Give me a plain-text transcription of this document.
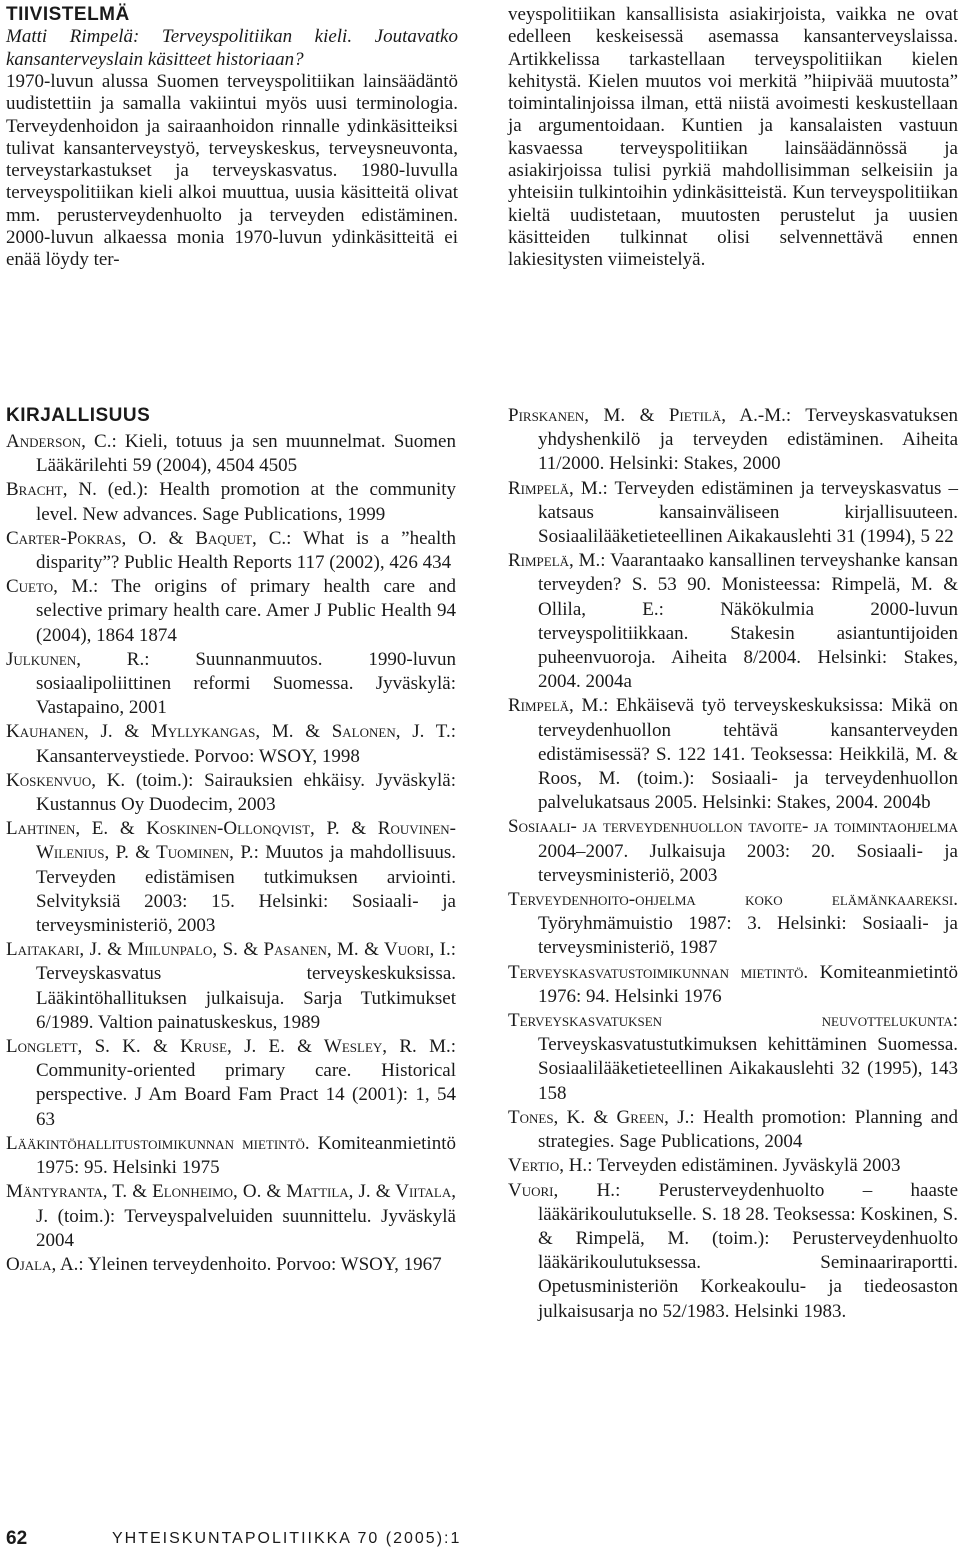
TIIVISTELMÄ

Matti Rimpelä: Terveyspolitiikan kieli. Joutavatko kansanterveyslain käsitteet historiaan?

1970-luvun alussa Suomen terveyspolitiikan lainsäädäntö uudistettiin ja samalla vakiintui myös uusi terminologia. Terveydenhoidon ja sairaanhoidon rinnalle ydinkäsitteiksi tulivat kansanterveystyö, terveyskeskus, terveysneuvonta, terveystarkastukset ja terveyskasvatus. 1980-luvulla terveyspolitiikan kieli alkoi muuttua, uusia käsitteitä olivat mm. perusterveydenhuolto ja terveyden edistäminen. 2000-luvun alkaessa monia 1970-luvun ydinkäsitteitä ei enää löydy ter-

veyspolitiikan kansallisista asiakirjoista, vaikka ne ovat edelleen keskeisessä asemassa kansanterveyslaissa. Artikkelissa tarkastellaan terveyspolitiikan kielen kehitystä. Kielen muutos voi merkitä ”hiipivää muutosta” toimintalinjoissa ilman, että niistä avoimesti keskustellaan ja argumentoidaan. Kuntien ja kansalaisten vastuun kasvaessa terveyspolitiikan lainsäädännössä ja asiakirjoissa tulisi pyrkiä mahdollisimman selkeisiin ja yhteisiin tulkintoihin ydinkäsitteistä. Kun terveyspolitiikan kieltä uudistetaan, muutosten perustelut ja uusien käsitteiden tulkinnat olisi selvennettävä ennen lakiesitysten viimeistelyä.

KIRJALLISUUS

Anderson, C.: Kieli, totuus ja sen muunnelmat. Suomen Lääkärilehti 59 (2004), 4504 4505

Bracht, N. (ed.): Health promotion at the community level. New advances. Sage Publications, 1999

Carter-Pokras, O. & Baquet, C.: What is a ”health disparity”? Public Health Reports 117 (2002), 426 434

Cueto, M.: The origins of primary health care and selective primary health care. Amer J Public Health 94 (2004), 1864 1874

Julkunen, R.: Suunnanmuutos. 1990-luvun sosiaalipoliittinen reformi Suomessa. Jyväskylä: Vastapaino, 2001

Kauhanen, J. & Myllykangas, M. & Salonen, J. T.: Kansanterveystiede. Porvoo: WSOY, 1998

Koskenvuo, K. (toim.): Sairauksien ehkäisy. Jyväskylä: Kustannus Oy Duodecim, 2003

Lahtinen, E. & Koskinen-Ollonqvist, P. & Rouvinen-Wilenius, P. & Tuominen, P.: Muutos ja mahdollisuus. Terveyden edistämisen tutkimuksen arviointi. Selvityksiä 2003: 15. Helsinki: Sosiaali- ja terveysministeriö, 2003

Laitakari, J. & Miilunpalo, S. & Pasanen, M. & Vuori, I.: Terveyskasvatus terveyskeskuksissa. Lääkintöhallituksen julkaisuja. Sarja Tutkimukset 6/1989. Valtion painatuskeskus, 1989

Longlett, S. K. & Kruse, J. E. & Wesley, R. M.: Community-oriented primary care. Historical perspective. J Am Board Fam Pract 14 (2001): 1, 54 63

Lääkintöhallitustoimikunnan mietintö. Komiteanmietintö 1975: 95. Helsinki 1975

Mäntyranta, T. & Elonheimo, O. & Mattila, J. & Viitala, J. (toim.): Terveyspalveluiden suunnittelu. Jyväskylä 2004

Ojala, A.: Yleinen terveydenhoito. Porvoo: WSOY, 1967

Pirskanen, M. & Pietilä, A.-M.: Terveyskasvatuksen yhdyshenkilö ja terveyden edistäminen. Aiheita 11/2000. Helsinki: Stakes, 2000

Rimpelä, M.: Terveyden edistäminen ja terveyskasvatus – katsaus kansainväliseen kirjallisuuteen. Sosiaalilääketieteellinen Aikakauslehti 31 (1994), 5 22

Rimpelä, M.: Vaarantaako kansallinen terveyshanke kansan terveyden? S. 53 90. Monisteessa: Rimpelä, M. & Ollila, E.: Näkökulmia 2000-luvun terveyspolitiikkaan. Stakesin asiantuntijoiden puheenvuoroja. Aiheita 8/2004. Helsinki: Stakes, 2004. 2004a

Rimpelä, M.: Ehkäisevä työ terveyskeskuksissa: Mikä on terveydenhuollon tehtävä kansanterveyden edistämisessä? S. 122 141. Teoksessa: Heikkilä, M. & Roos, M. (toim.): Sosiaali- ja terveydenhuollon palvelukatsaus 2005. Helsinki: Stakes, 2004. 2004b

Sosiaali- ja terveydenhuollon tavoite- ja toimintaohjelma 2004–2007. Julkaisuja 2003: 20. Sosiaali- ja terveysministeriö, 2003

Terveydenhoito-ohjelma koko elämänkaareksi. Työryhmämuistio 1987: 3. Helsinki: Sosiaali- ja terveysministeriö, 1987

Terveyskasvatustoimikunnan mietintö. Komiteanmietintö 1976: 94. Helsinki 1976

Terveyskasvatuksen neuvottelukunta: Terveyskasvatustutkimuksen kehittäminen Suomessa. Sosiaalilääketieteellinen Aikakauslehti 32 (1995), 143 158

Tones, K. & Green, J.: Health promotion: Planning and strategies. Sage Publications, 2004

Vertio, H.: Terveyden edistäminen. Jyväskylä 2003

Vuori, H.: Perusterveydenhuolto – haaste lääkärikoulutukselle. S. 18 28. Teoksessa: Koskinen, S. & Rimpelä, M. (toim.): Perusterveydenhuolto lääkärikoulutuksessa. Seminaariraportti. Opetusministeriön Korkeakoulu- ja tiedeosaston julkaisusarja no 52/1983. Helsinki 1983.

62	YHTEISKUNTAPOLITIIKKA 70 (2005):1
